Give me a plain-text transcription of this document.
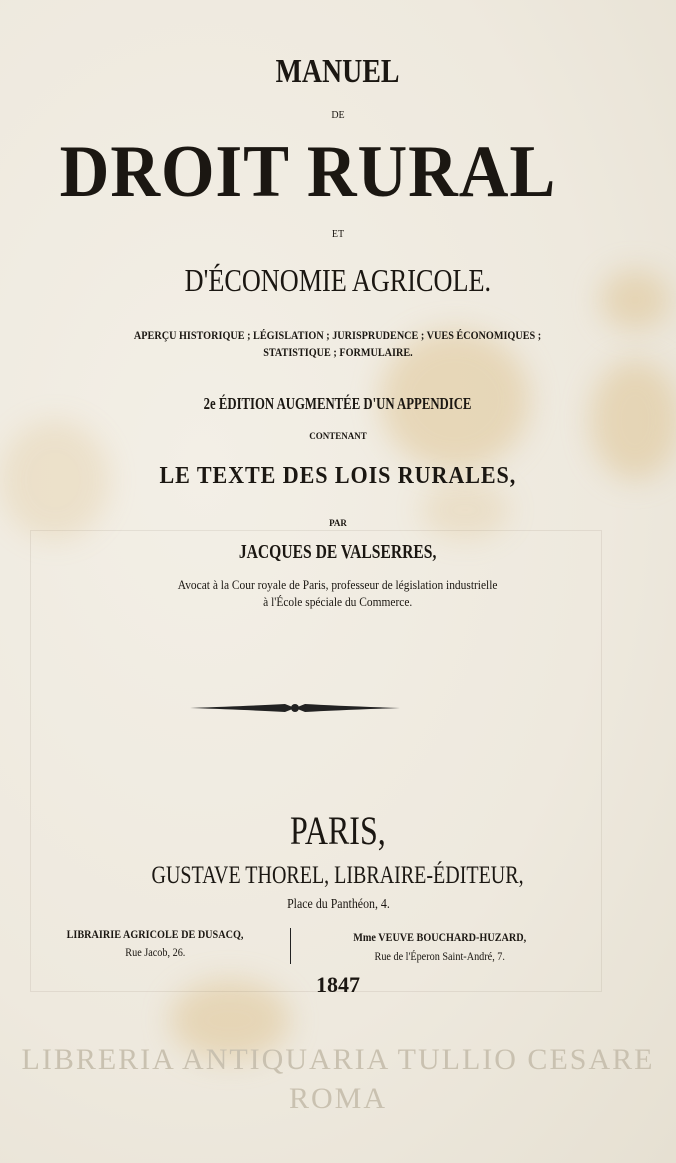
MANUEL
DE
DROIT RURAL
ET
D'ÉCONOMIE AGRICOLE.
APERÇU HISTORIQUE ; LÉGISLATION ; JURISPRUDENCE ; VUES ÉCONOMIQUES ;
STATISTIQUE ; FORMULAIRE.
2e ÉDITION AUGMENTÉE D'UN APPENDICE
CONTENANT
LE TEXTE DES LOIS RURALES,
PAR
JACQUES DE VALSERRES,
Avocat à la Cour royale de Paris, professeur de législation industrielle
à l'École spéciale du Commerce.
PARIS,
GUSTAVE THOREL, LIBRAIRE-ÉDITEUR,
Place du Panthéon, 4.
LIBRAIRIE AGRICOLE DE DUSACQ,
Rue Jacob, 26.
Mme VEUVE BOUCHARD-HUZARD,
Rue de l'Éperon Saint-André, 7.
1847
LIBRERIA ANTIQUARIA TULLIO CESARE ROMA
